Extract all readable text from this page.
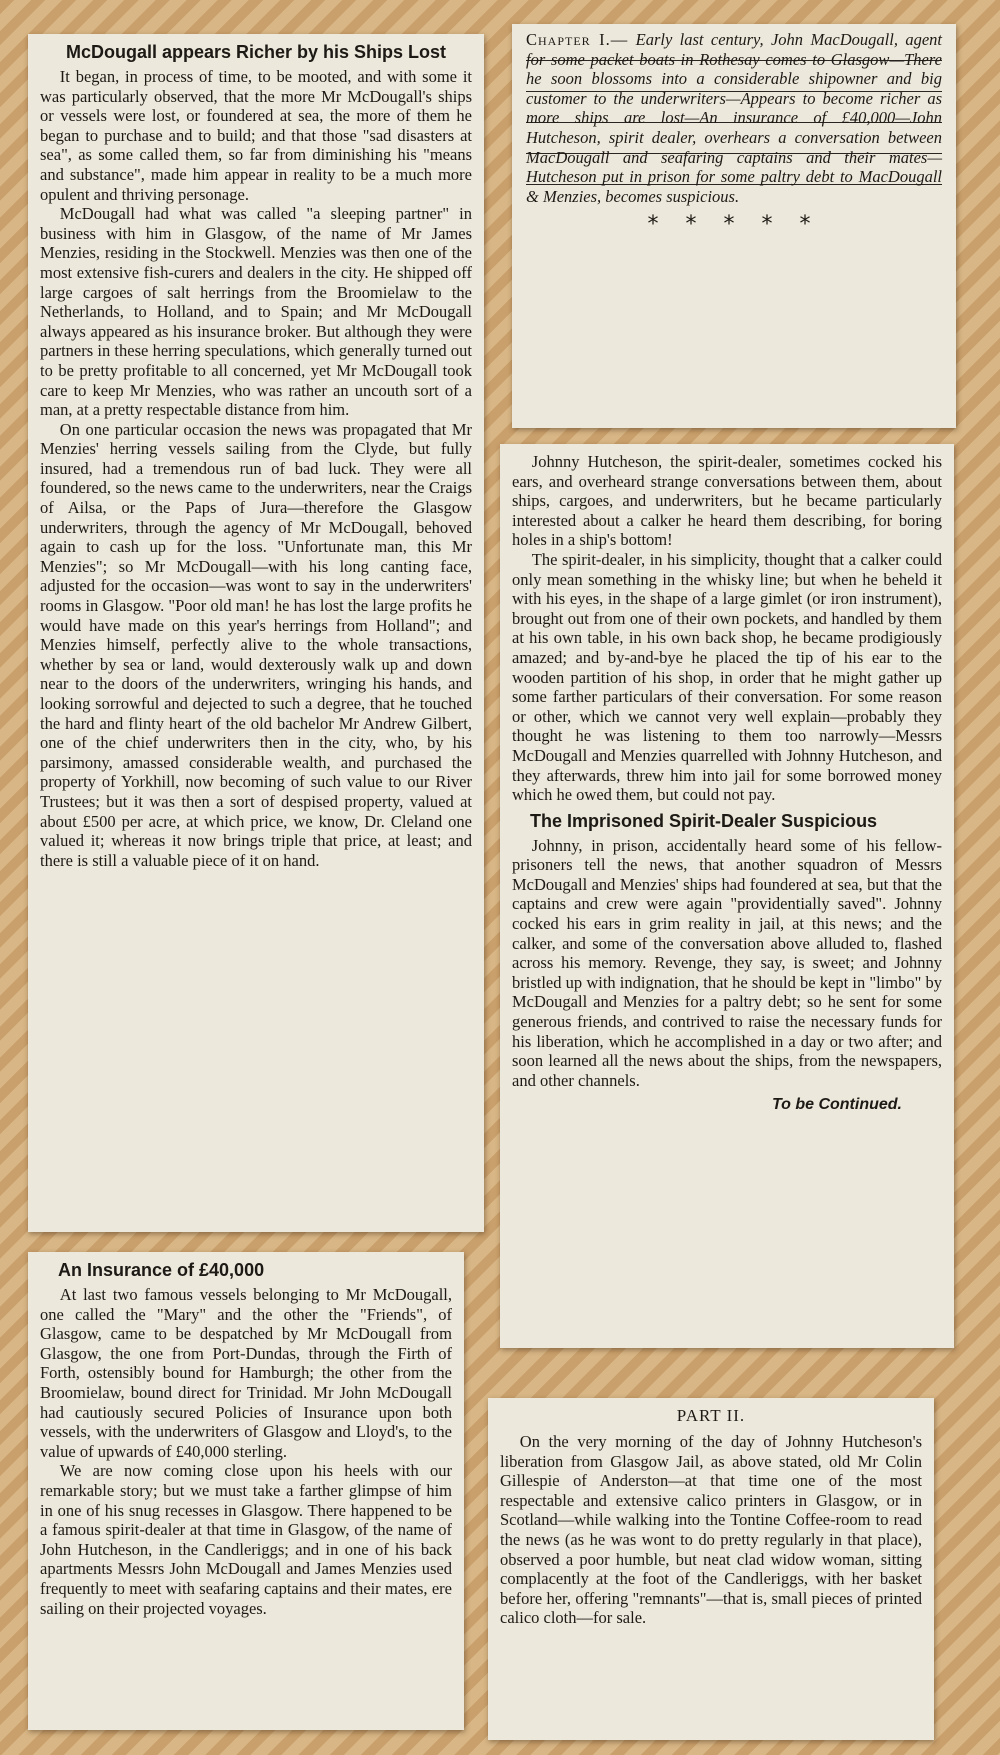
McDougall appears Richer by his Ships Lost

It began, in process of time, to be mooted, and with some it was particularly observed, that the more Mr McDougall's ships or vessels were lost, or foundered at sea, the more of them he began to purchase and to build; and that those "sad disasters at sea", as some called them, so far from diminishing his "means and substance", made him appear in reality to be a much more opulent and thriving personage.

McDougall had what was called "a sleeping partner" in business with him in Glasgow, of the name of Mr James Menzies, residing in the Stockwell. Menzies was then one of the most extensive fish-curers and dealers in the city. He shipped off large cargoes of salt herrings from the Broomielaw to the Netherlands, to Holland, and to Spain; and Mr McDougall always appeared as his insurance broker. But although they were partners in these herring speculations, which generally turned out to be pretty profitable to all concerned, yet Mr McDougall took care to keep Mr Menzies, who was rather an uncouth sort of a man, at a pretty respectable distance from him.

On one particular occasion the news was propagated that Mr Menzies' herring vessels sailing from the Clyde, but fully insured, had a tremendous run of bad luck. They were all foundered, so the news came to the underwriters, near the Craigs of Ailsa, or the Paps of Jura—therefore the Glasgow underwriters, through the agency of Mr McDougall, behoved again to cash up for the loss. "Unfortunate man, this Mr Menzies"; so Mr McDougall—with his long canting face, adjusted for the occasion—was wont to say in the underwriters' rooms in Glasgow. "Poor old man! he has lost the large profits he would have made on this year's herrings from Holland"; and Menzies himself, perfectly alive to the whole transactions, whether by sea or land, would dexterously walk up and down near to the doors of the underwriters, wringing his hands, and looking sorrowful and dejected to such a degree, that he touched the hard and flinty heart of the old bachelor Mr Andrew Gilbert, one of the chief underwriters then in the city, who, by his parsimony, amassed considerable wealth, and purchased the property of Yorkhill, now becoming of such value to our River Trustees; but it was then a sort of despised property, valued at about £500 per acre, at which price, we know, Dr. Cleland one valued it; whereas it now brings triple that price, at least; and there is still a valuable piece of it on hand.

An Insurance of £40,000

At last two famous vessels belonging to Mr McDougall, one called the "Mary" and the other the "Friends", of Glasgow, came to be despatched by Mr McDougall from Glasgow, the one from Port-Dundas, through the Firth of Forth, ostensibly bound for Hamburgh; the other from the Broomielaw, bound direct for Trinidad. Mr John McDougall had cautiously secured Policies of Insurance upon both vessels, with the underwriters of Glasgow and Lloyd's, to the value of upwards of £40,000 sterling.

We are now coming close upon his heels with our remarkable story; but we must take a farther glimpse of him in one of his snug recesses in Glasgow. There happened to be a famous spirit-dealer at that time in Glasgow, of the name of John Hutcheson, in the Candleriggs; and in one of his back apartments Messrs John McDougall and James Menzies used frequently to meet with seafaring captains and their mates, ere sailing on their projected voyages.

Chapter I.— Early last century, John MacDougall, agent for some packet boats in Rothesay comes to Glasgow—There he soon blossoms into a considerable shipowner and big customer to the underwriters—Appears to become richer as more ships are lost—An insurance of £40,000—John Hutcheson, spirit dealer, overhears a conversation between MacDougall and seafaring captains and their mates—Hutcheson put in prison for some paltry debt to MacDougall & Menzies, becomes suspicious.

* * * * *

Johnny Hutcheson, the spirit-dealer, sometimes cocked his ears, and overheard strange conversations between them, about ships, cargoes, and underwriters, but he became particularly interested about a calker he heard them describing, for boring holes in a ship's bottom!

The spirit-dealer, in his simplicity, thought that a calker could only mean something in the whisky line; but when he beheld it with his eyes, in the shape of a large gimlet (or iron instrument), brought out from one of their own pockets, and handled by them at his own table, in his own back shop, he became prodigiously amazed; and by-and-bye he placed the tip of his ear to the wooden partition of his shop, in order that he might gather up some farther particulars of their conversation. For some reason or other, which we cannot very well explain—probably they thought he was listening to them too narrowly—Messrs McDougall and Menzies quarrelled with Johnny Hutcheson, and they afterwards, threw him into jail for some borrowed money which he owed them, but could not pay.

The Imprisoned Spirit-Dealer Suspicious

Johnny, in prison, accidentally heard some of his fellow-prisoners tell the news, that another squadron of Messrs McDougall and Menzies' ships had foundered at sea, but that the captains and crew were again "providentially saved". Johnny cocked his ears in grim reality in jail, at this news; and the calker, and some of the conversation above alluded to, flashed across his memory. Revenge, they say, is sweet; and Johnny bristled up with indignation, that he should be kept in "limbo" by McDougall and Menzies for a paltry debt; so he sent for some generous friends, and contrived to raise the necessary funds for his liberation, which he accomplished in a day or two after; and soon learned all the news about the ships, from the newspapers, and other channels.

To be Continued.
PART II.

On the very morning of the day of Johnny Hutcheson's liberation from Glasgow Jail, as above stated, old Mr Colin Gillespie of Anderston—at that time one of the most respectable and extensive calico printers in Glasgow, or in Scotland—while walking into the Tontine Coffee-room to read the news (as he was wont to do pretty regularly in that place), observed a poor humble, but neat clad widow woman, sitting complacently at the foot of the Candleriggs, with her basket before her, offering "remnants"—that is, small pieces of printed calico cloth—for sale.
